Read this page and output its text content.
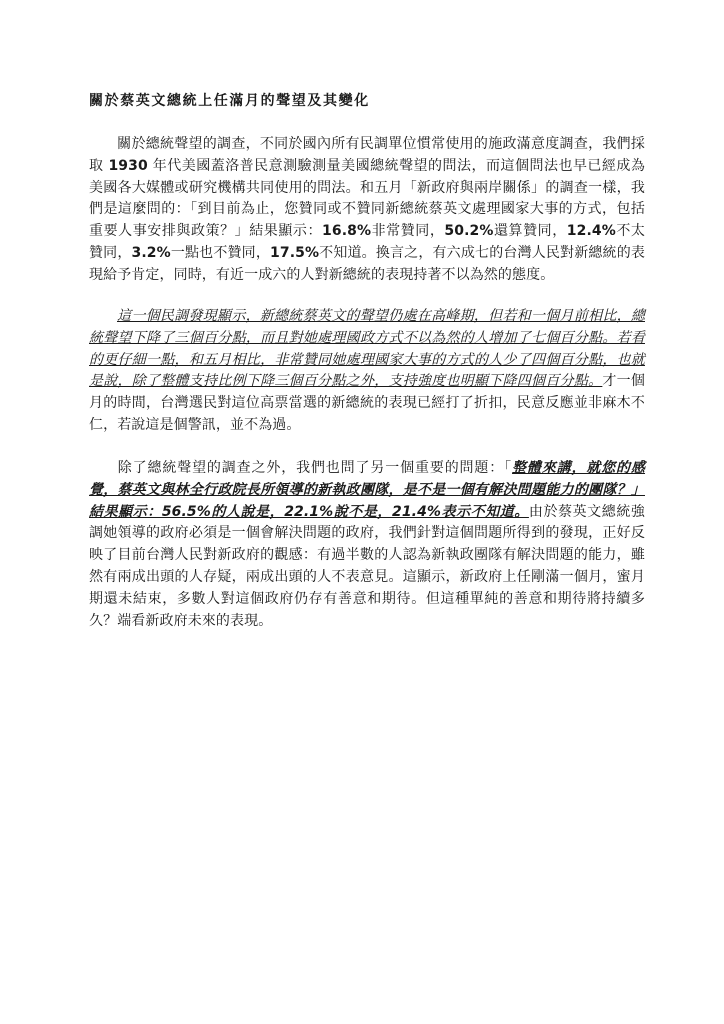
關於蔡英文總統上任滿月的聲望及其變化

關於總統聲望的調查，不同於國內所有民調單位慣常使用的施政滿意度調查，我們採取 1930 年代美國蓋洛普民意測驗測量美國總統聲望的問法，而這個問法也早已經成為美國各大媒體或研究機構共同使用的問法。和五月「新政府與兩岸關係」的調查一樣，我們是這麼問的：「到目前為止，您贊同或不贊同新總統蔡英文處理國家大事的方式，包括重要人事安排與政策？」結果顯示：16.8%非常贊同，50.2%還算贊同，12.4%不太贊同，3.2%一點也不贊同，17.5%不知道。換言之，有六成七的台灣人民對新總統的表現給予肯定，同時，有近一成六的人對新總統的表現持著不以為然的態度。

這一個民調發現顯示，新總統蔡英文的聲望仍處在高峰期，但若和一個月前相比，總統聲望下降了三個百分點，而且對她處理國政方式不以為然的人增加了七個百分點。若看的更仔細一點，和五月相比，非常贊同她處理國家大事的方式的人少了四個百分點，也就是說，除了整體支持比例下降三個百分點之外，支持強度也明顯下降四個百分點。才一個月的時間，台灣選民對這位高票當選的新總統的表現已經打了折扣，民意反應並非麻木不仁，若說這是個警訊，並不為過。

除了總統聲望的調查之外，我們也問了另一個重要的問題：「整體來講，就您的感覺，蔡英文與林全行政院長所領導的新執政團隊，是不是一個有解決問題能力的團隊？」結果顯示：56.5%的人說是，22.1%說不是，21.4%表示不知道。由於蔡英文總統強調她領導的政府必須是一個會解決問題的政府，我們針對這個問題所得到的發現，正好反映了目前台灣人民對新政府的觀感：有過半數的人認為新執政團隊有解決問題的能力，雖然有兩成出頭的人存疑，兩成出頭的人不表意見。這顯示，新政府上任剛滿一個月，蜜月期還未結束，多數人對這個政府仍存有善意和期待。但這種單純的善意和期待將持續多久？端看新政府未來的表現。
